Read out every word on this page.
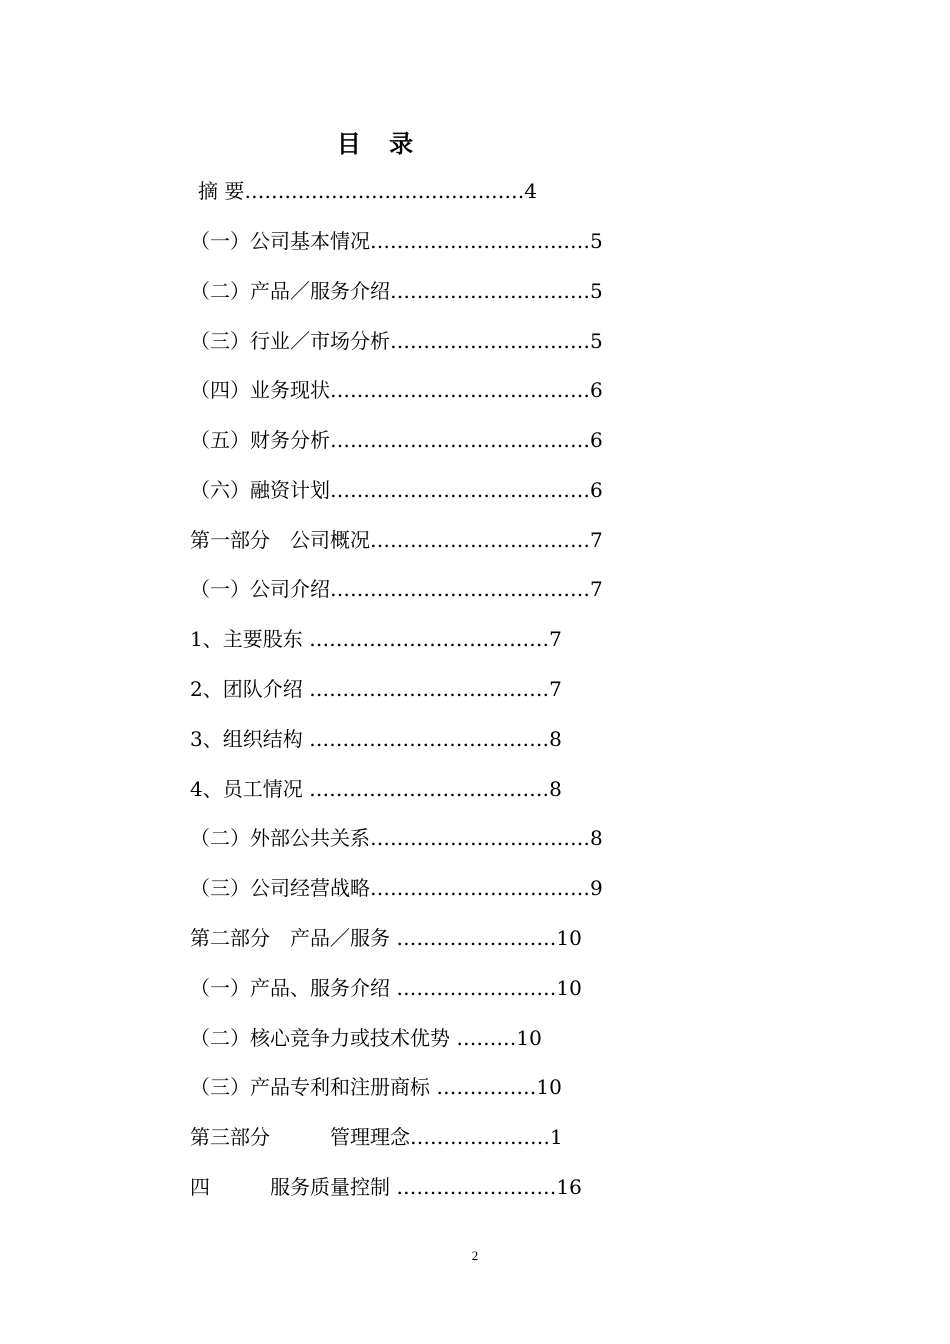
目 录
摘 要……………………………………4
（一）公司基本情况……………………………5
（二）产品／服务介绍…………………………5
（三）行业／市场分析…………………………5
（四）业务现状…………………………………6
（五）财务分析…………………………………6
（六）融资计划…………………………………6
第一部分　公司概况……………………………7
（一）公司介绍…………………………………7
1、主要股东 ………………………………7
2、团队介绍 ………………………………7
3、组织结构 ………………………………8
4、员工情况 ………………………………8
（二）外部公共关系……………………………8
（三）公司经营战略……………………………9
第二部分　产品／服务 ……………………10
（一）产品、服务介绍 ……………………10
（二）核心竞争力或技术优势 ………10
（三）产品专利和注册商标 ……………10
第三部分　　　管理理念…………………1
四　　　服务质量控制 ……………………16
2
